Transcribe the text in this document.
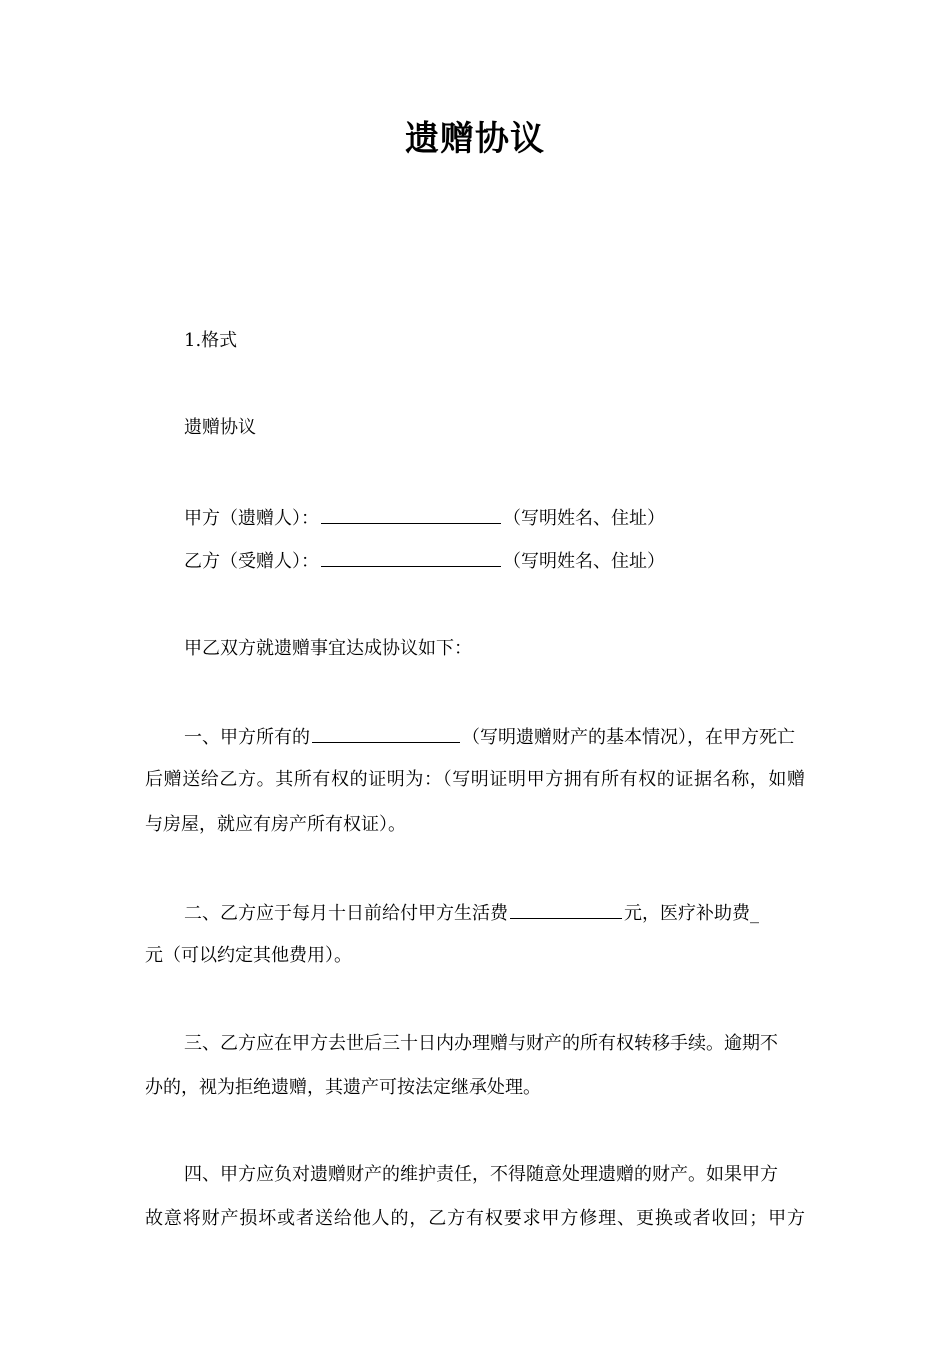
遗赠协议
1.格式
遗赠协议
甲方（遗赠人）：	（写明姓名、住址）
乙方（受赠人）：	（写明姓名、住址）
甲乙双方就遗赠事宜达成协议如下：
一、甲方所有的	（写明遗赠财产的基本情况），在甲方死亡
后赠送给乙方。其所有权的证明为：（写明证明甲方拥有所有权的证据名称，如赠
与房屋，就应有房产所有权证）。
二、乙方应于每月十日前给付甲方生活费	元，医疗补助费_
元（可以约定其他费用）。
三、乙方应在甲方去世后三十日内办理赠与财产的所有权转移手续。逾期不
办的，视为拒绝遗赠，其遗产可按法定继承处理。
四、甲方应负对遗赠财产的维护责任，不得随意处理遗赠的财产。如果甲方
故意将财产损坏或者送给他人的，乙方有权要求甲方修理、更换或者收回；甲方
